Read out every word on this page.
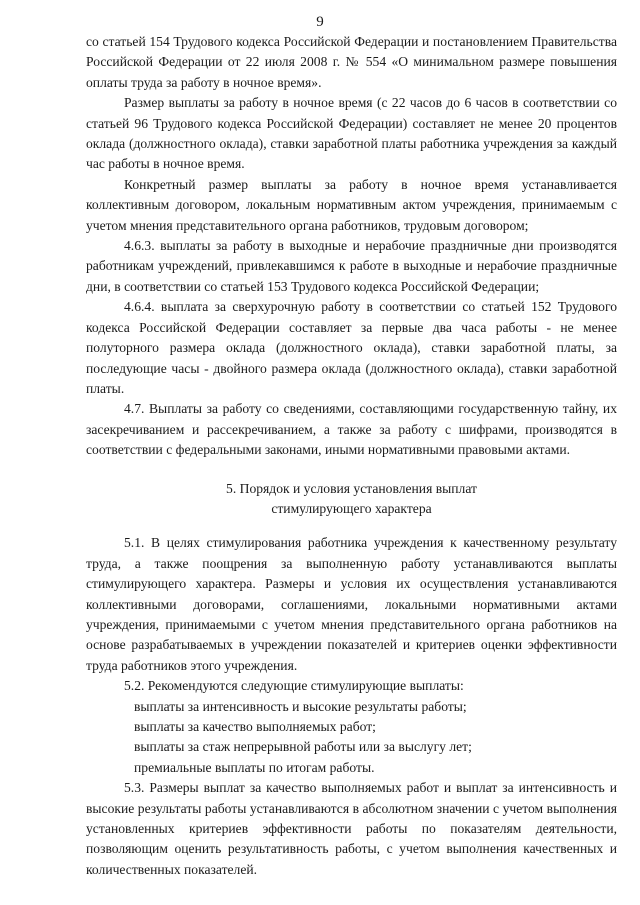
9

со статьей 154 Трудового кодекса Российской Федерации и постановлением Правительства Российской Федерации от 22 июля 2008 г. № 554 «О минимальном размере повышения оплаты труда за работу в ночное время».

Размер выплаты за работу в ночное время (с 22 часов до 6 часов в соответствии со статьей 96 Трудового кодекса Российской Федерации) составляет не менее 20 процентов оклада (должностного оклада), ставки заработной платы работника учреждения за каждый час работы в ночное время.

Конкретный размер выплаты за работу в ночное время устанавливается коллективным договором, локальным нормативным актом учреждения, принимаемым с учетом мнения представительного органа работников, трудовым договором;

4.6.3. выплаты за работу в выходные и нерабочие праздничные дни производятся работникам учреждений, привлекавшимся к работе в выходные и нерабочие праздничные дни, в соответствии со статьей 153 Трудового кодекса Российской Федерации;

4.6.4. выплата за сверхурочную работу в соответствии со статьей 152 Трудового кодекса Российской Федерации составляет за первые два часа работы - не менее полуторного размера оклада (должностного оклада), ставки заработной платы, за последующие часы - двойного размера оклада (должностного оклада), ставки заработной платы.

4.7. Выплаты за работу со сведениями, составляющими государственную тайну, их засекречиванием и рассекречиванием, а также за работу с шифрами, производятся в соответствии с федеральными законами, иными нормативными правовыми актами.

5. Порядок и условия установления выплат
стимулирующего характера

5.1. В целях стимулирования работника учреждения к качественному результату труда, а также поощрения за выполненную работу устанавливаются выплаты стимулирующего характера. Размеры и условия их осуществления устанавливаются коллективными договорами, соглашениями, локальными нормативными актами учреждения, принимаемыми с учетом мнения представительного органа работников на основе разрабатываемых в учреждении показателей и критериев оценки эффективности труда работников этого учреждения.

5.2. Рекомендуются следующие стимулирующие выплаты:

выплаты за интенсивность и высокие результаты работы;
выплаты за качество выполняемых работ;
выплаты за стаж непрерывной работы или за выслугу лет;
премиальные выплаты по итогам работы.

5.3. Размеры выплат за качество выполняемых работ и выплат за интенсивность и высокие результаты работы устанавливаются в абсолютном значении с учетом выполнения установленных критериев эффективности работы по показателям деятельности, позволяющим оценить результативность работы, с учетом выполнения качественных и количественных показателей.
